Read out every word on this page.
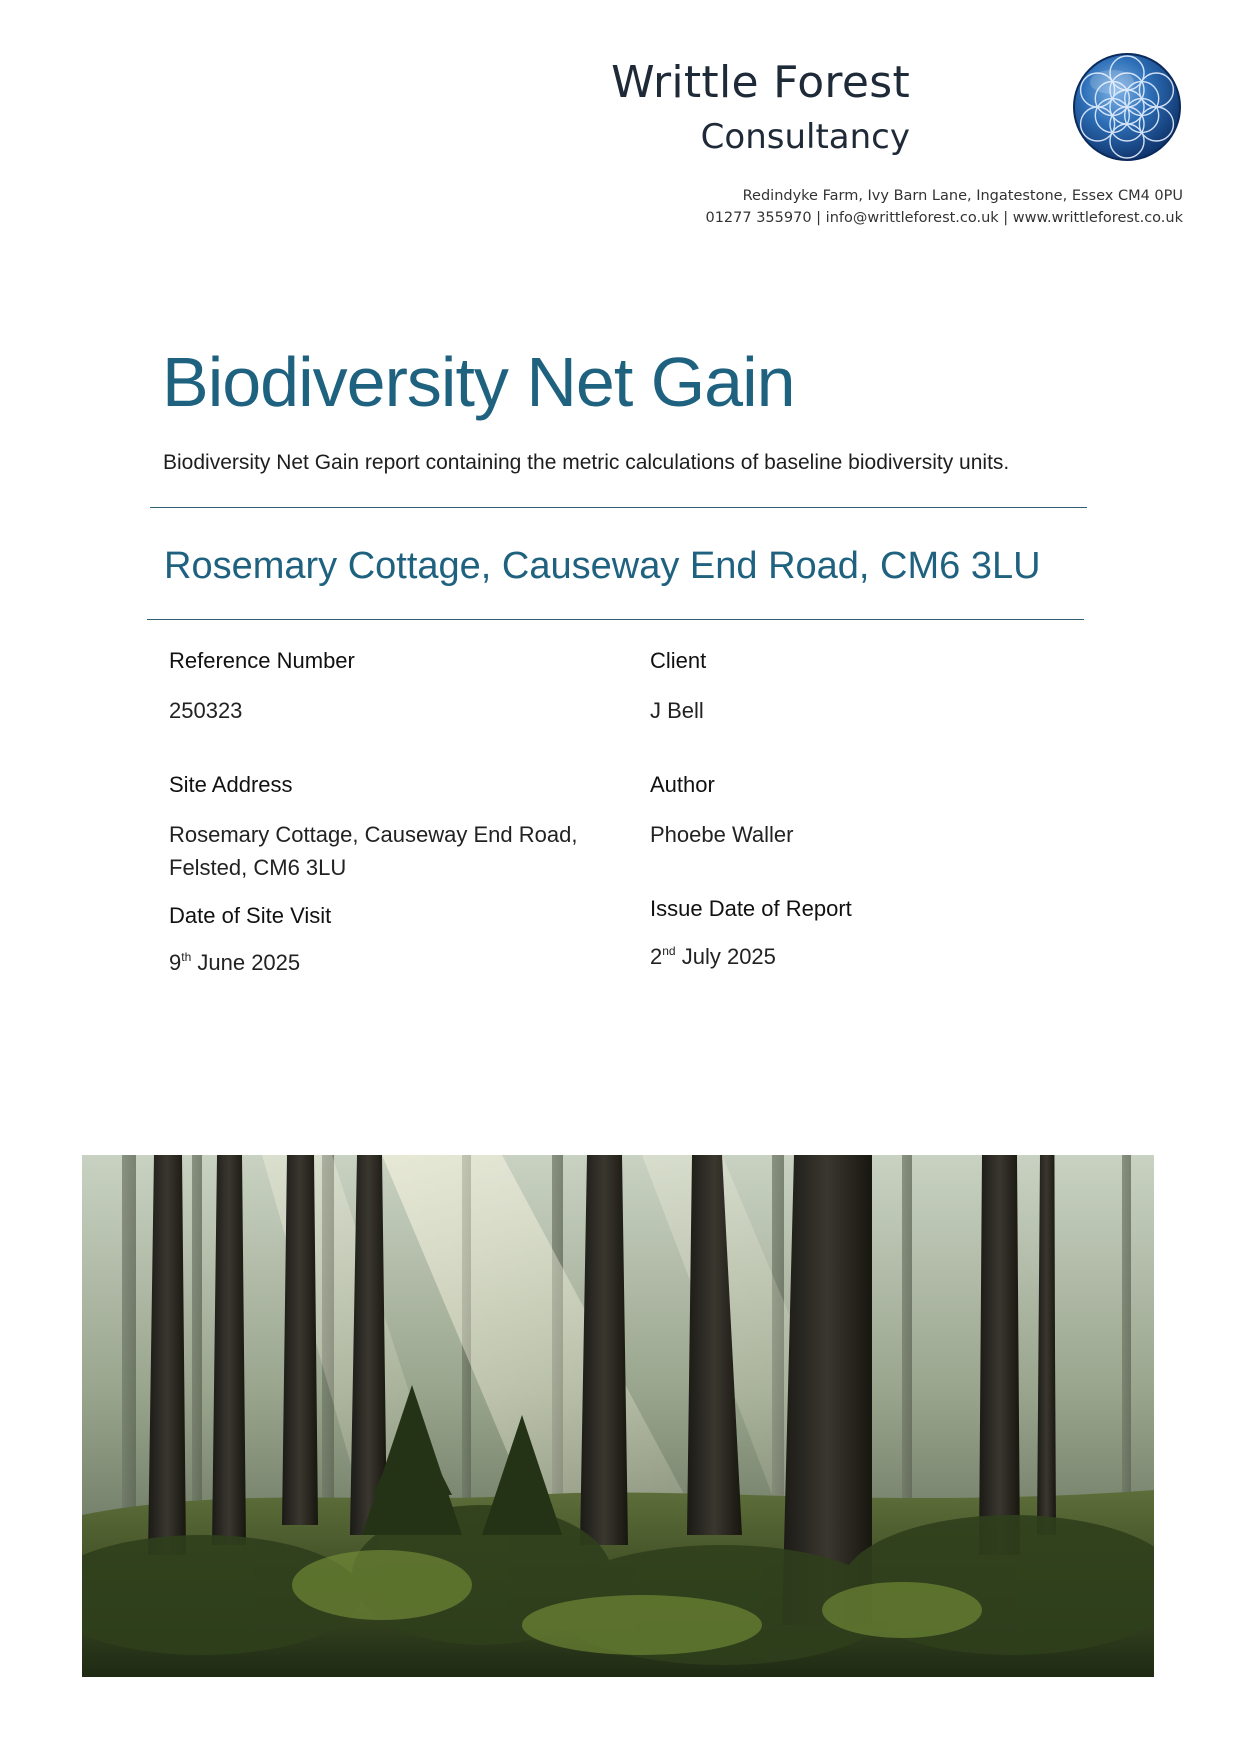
Writtle Forest
Consultancy
Redindyke Farm, Ivy Barn Lane, Ingatestone, Essex CM4 0PU
01277 355970 | info@writtleforest.co.uk | www.writtleforest.co.uk
Biodiversity Net Gain
Biodiversity Net Gain report containing the metric calculations of baseline biodiversity units.
Rosemary Cottage, Causeway End Road, CM6 3LU
Reference Number
250323
Client
J Bell
Site Address
Rosemary Cottage, Causeway End Road,
Felsted, CM6 3LU
Author
Phoebe Waller
Date of Site Visit
9th June 2025
Issue Date of Report
2nd July 2025
